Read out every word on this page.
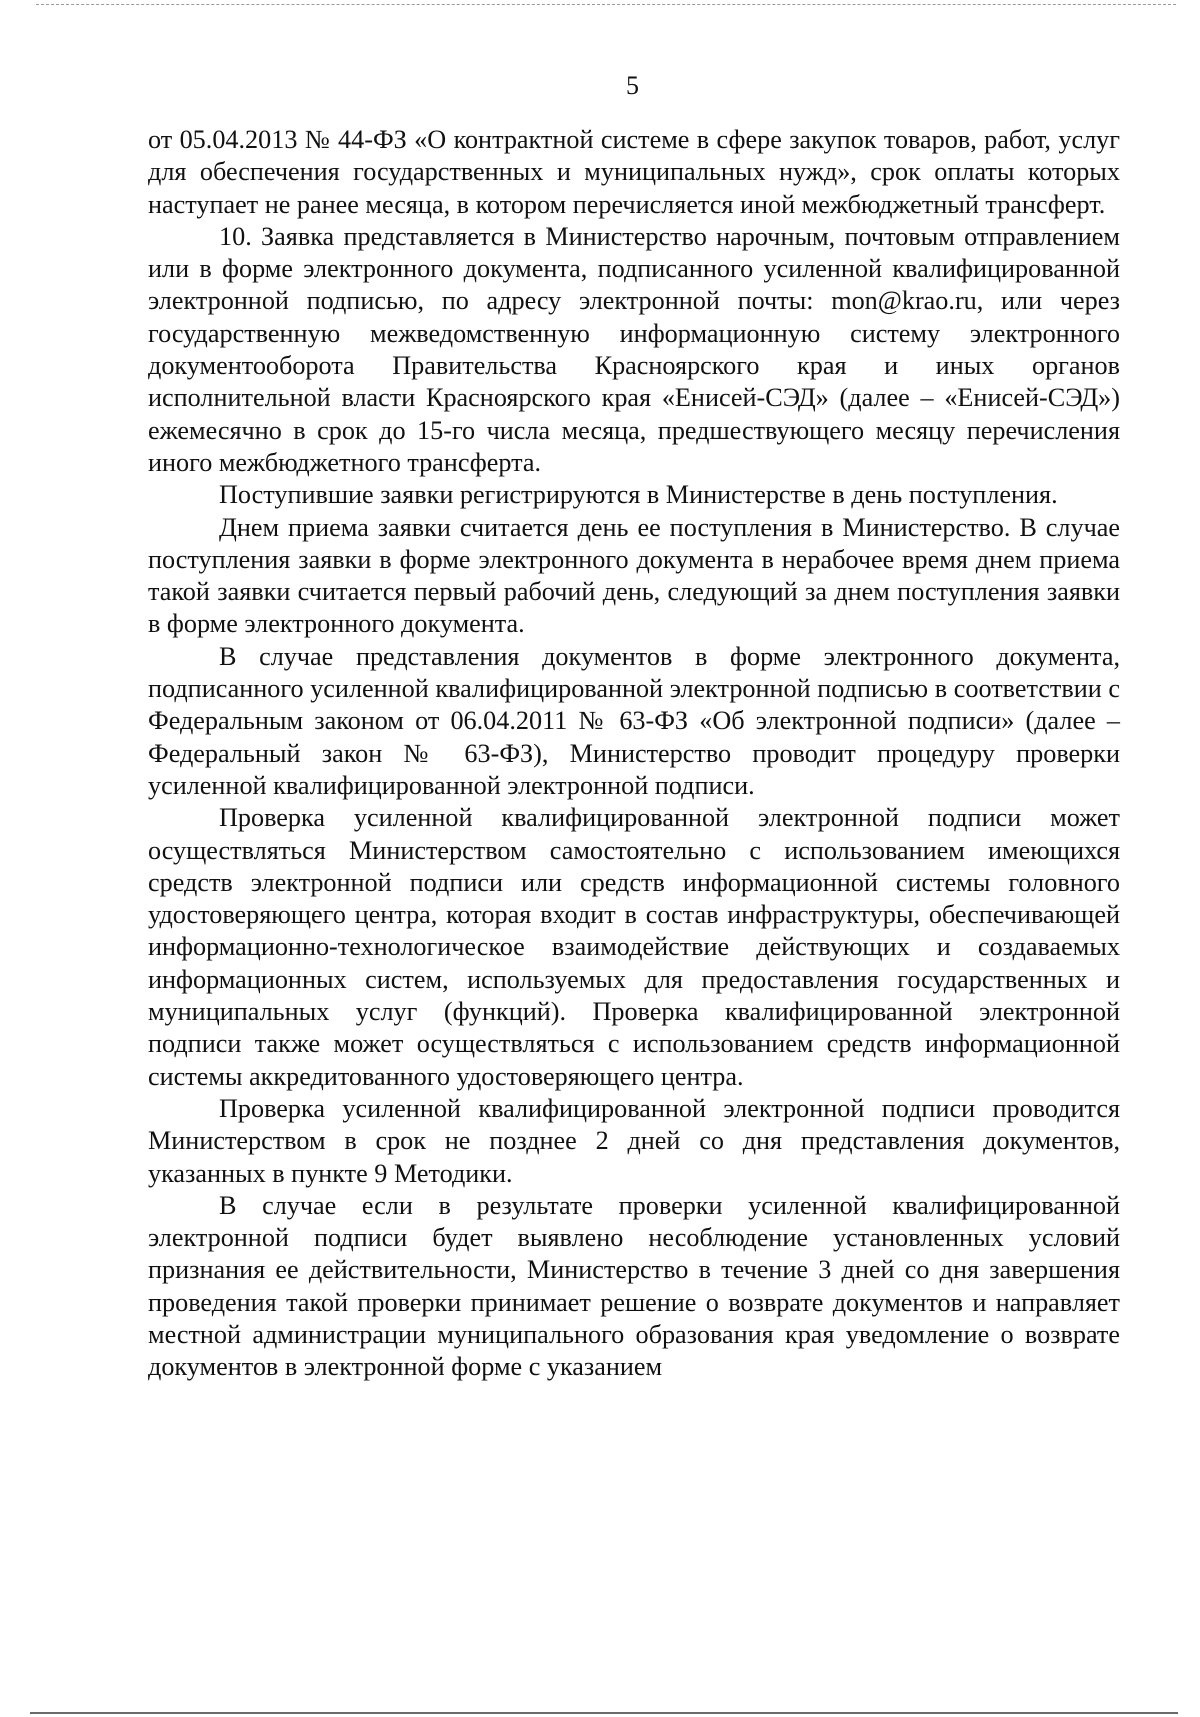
5

от 05.04.2013 № 44-ФЗ «О контрактной системе в сфере закупок товаров, работ, услуг для обеспечения государственных и муниципальных нужд», срок оплаты которых наступает не ранее месяца, в котором перечисляется иной межбюджетный трансферт.

10. Заявка представляется в Министерство нарочным, почтовым отправлением или в форме электронного документа, подписанного усиленной квалифицированной электронной подписью, по адресу электронной почты: mon@krao.ru, или через государственную межведомственную информационную систему электронного документооборота Правительства Красноярского края и иных органов исполнительной власти Красноярского края «Енисей-СЭД» (далее – «Енисей-СЭД») ежемесячно в срок до 15-го числа месяца, предшествующего месяцу перечисления иного межбюджетного трансферта.

Поступившие заявки регистрируются в Министерстве в день поступления.

Днем приема заявки считается день ее поступления в Министерство. В случае поступления заявки в форме электронного документа в нерабочее время днем приема такой заявки считается первый рабочий день, следующий за днем поступления заявки в форме электронного документа.

В случае представления документов в форме электронного документа, подписанного усиленной квалифицированной электронной подписью в соответствии с Федеральным законом от 06.04.2011 № 63-ФЗ «Об электронной подписи» (далее – Федеральный закон № 63-ФЗ), Министерство проводит процедуру проверки усиленной квалифицированной электронной подписи.

Проверка усиленной квалифицированной электронной подписи может осуществляться Министерством самостоятельно с использованием имеющихся средств электронной подписи или средств информационной системы головного удостоверяющего центра, которая входит в состав инфраструктуры, обеспечивающей информационно-технологическое взаимодействие действующих и создаваемых информационных систем, используемых для предоставления государственных и муниципальных услуг (функций). Проверка квалифицированной электронной подписи также может осуществляться с использованием средств информационной системы аккредитованного удостоверяющего центра.

Проверка усиленной квалифицированной электронной подписи проводится Министерством в срок не позднее 2 дней со дня представления документов, указанных в пункте 9 Методики.

В случае если в результате проверки усиленной квалифицированной электронной подписи будет выявлено несоблюдение установленных условий признания ее действительности, Министерство в течение 3 дней со дня завершения проведения такой проверки принимает решение о возврате документов и направляет местной администрации муниципального образования края уведомление о возврате документов в электронной форме с указанием
